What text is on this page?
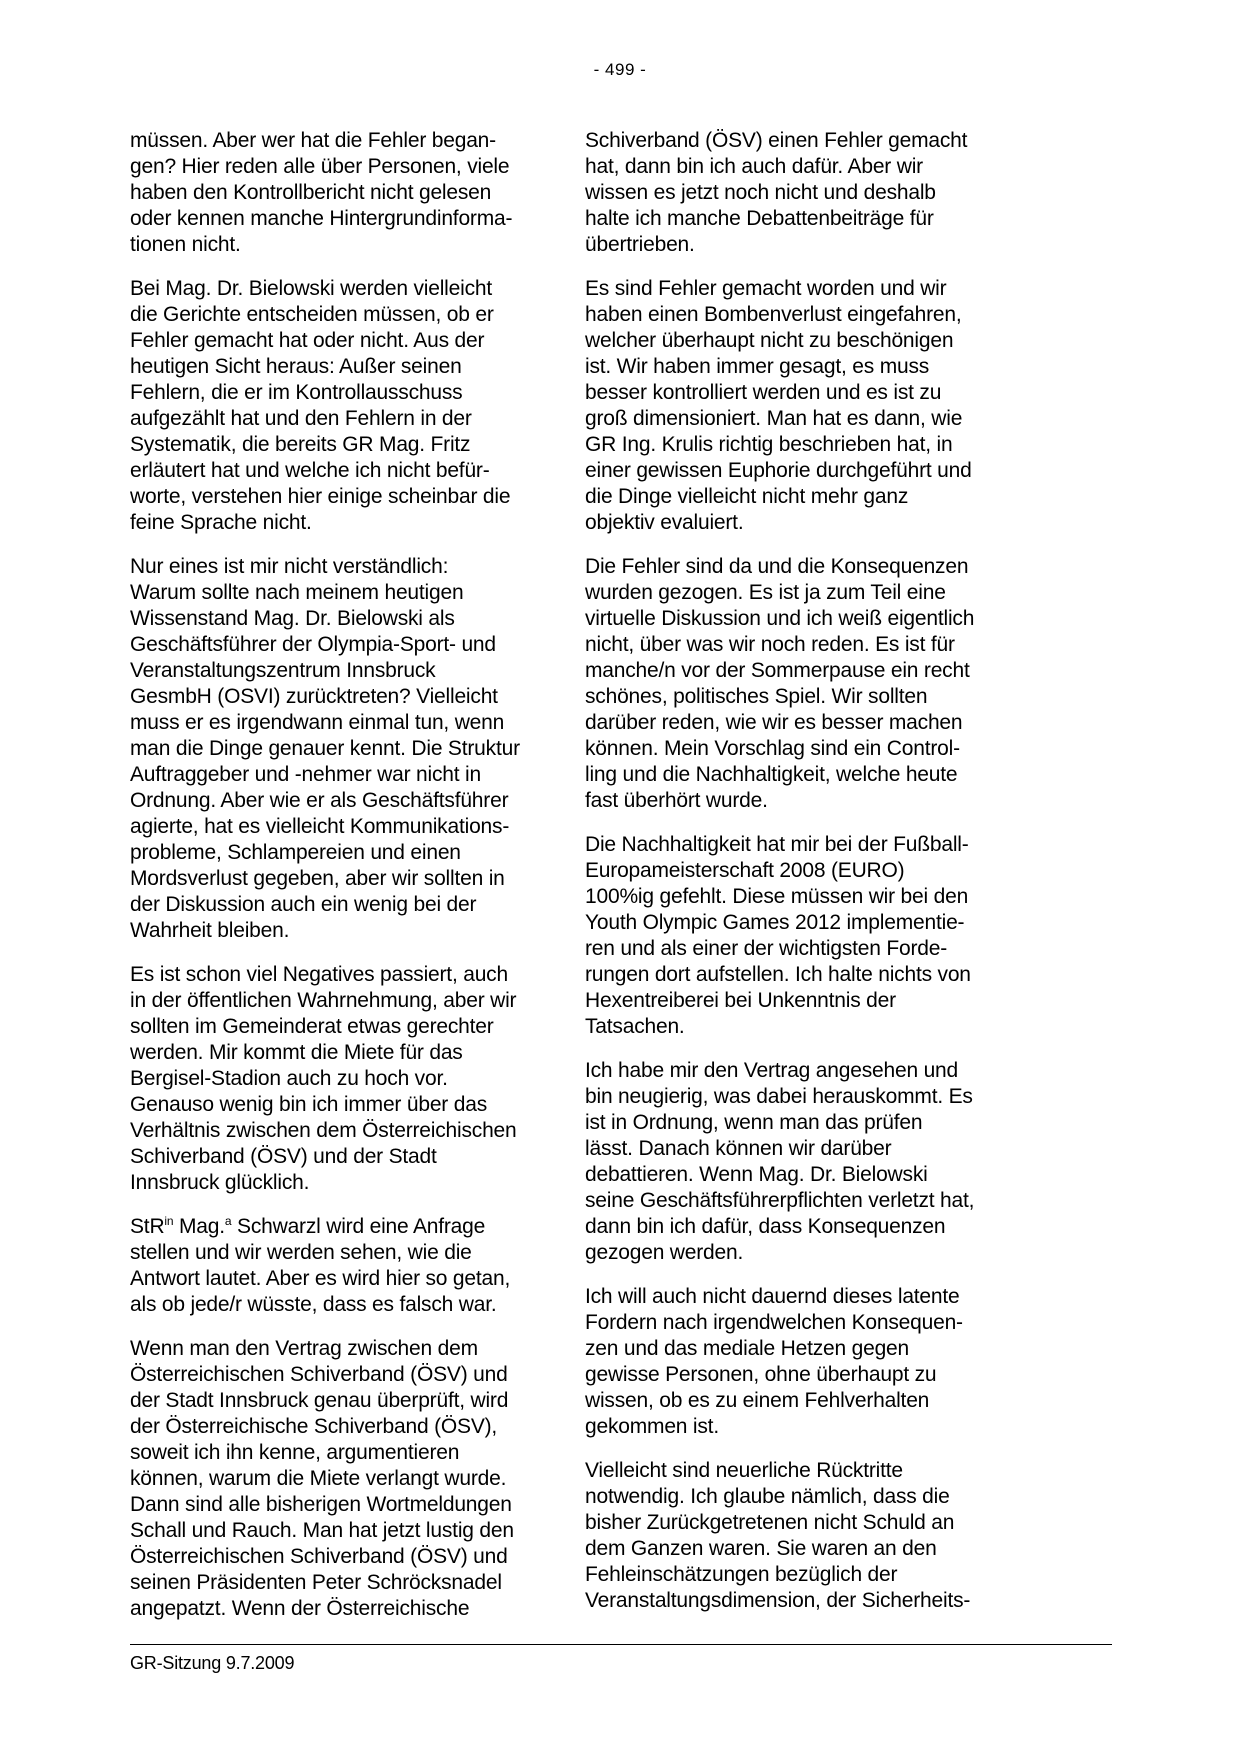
- 499 -

müssen. Aber wer hat die Fehler began-
gen? Hier reden alle über Personen, viele
haben den Kontrollbericht nicht gelesen
oder kennen manche Hintergrundinforma-
tionen nicht.

Bei Mag. Dr. Bielowski werden vielleicht
die Gerichte entscheiden müssen, ob er
Fehler gemacht hat oder nicht. Aus der
heutigen Sicht heraus: Außer seinen
Fehlern, die er im Kontrollausschuss
aufgezählt hat und den Fehlern in der
Systematik, die bereits GR Mag. Fritz
erläutert hat und welche ich nicht befür-
worte, verstehen hier einige scheinbar die
feine Sprache nicht.

Nur eines ist mir nicht verständlich:
Warum sollte nach meinem heutigen
Wissenstand Mag. Dr. Bielowski als
Geschäftsführer der Olympia-Sport- und
Veranstaltungszentrum Innsbruck
GesmbH (OSVI) zurücktreten? Vielleicht
muss er es irgendwann einmal tun, wenn
man die Dinge genauer kennt. Die Struktur
Auftraggeber und -nehmer war nicht in
Ordnung. Aber wie er als Geschäftsführer
agierte, hat es vielleicht Kommunikations-
probleme, Schlampereien und einen
Mordsverlust gegeben, aber wir sollten in
der Diskussion auch ein wenig bei der
Wahrheit bleiben.

Es ist schon viel Negatives passiert, auch
in der öffentlichen Wahrnehmung, aber wir
sollten im Gemeinderat etwas gerechter
werden. Mir kommt die Miete für das
Bergisel-Stadion auch zu hoch vor.
Genauso wenig bin ich immer über das
Verhältnis zwischen dem Österreichischen
Schiverband (ÖSV) und der Stadt
Innsbruck glücklich.

StR$^{in}$ Mag.$^a$ Schwarzl wird eine Anfrage
stellen und wir werden sehen, wie die
Antwort lautet. Aber es wird hier so getan,
als ob jede/r wüsste, dass es falsch war.

Wenn man den Vertrag zwischen dem
Österreichischen Schiverband (ÖSV) und
der Stadt Innsbruck genau überprüft, wird
der Österreichische Schiverband (ÖSV),
soweit ich ihn kenne, argumentieren
können, warum die Miete verlangt wurde.
Dann sind alle bisherigen Wortmeldungen
Schall und Rauch. Man hat jetzt lustig den
Österreichischen Schiverband (ÖSV) und
seinen Präsidenten Peter Schröcksnadel
angepatzt. Wenn der Österreichische

Schiverband (ÖSV) einen Fehler gemacht
hat, dann bin ich auch dafür. Aber wir
wissen es jetzt noch nicht und deshalb
halte ich manche Debattenbeiträge für
übertrieben.

Es sind Fehler gemacht worden und wir
haben einen Bombenverlust eingefahren,
welcher überhaupt nicht zu beschönigen
ist. Wir haben immer gesagt, es muss
besser kontrolliert werden und es ist zu
groß dimensioniert. Man hat es dann, wie
GR Ing. Krulis richtig beschrieben hat, in
einer gewissen Euphorie durchgeführt und
die Dinge vielleicht nicht mehr ganz
objektiv evaluiert.

Die Fehler sind da und die Konsequenzen
wurden gezogen. Es ist ja zum Teil eine
virtuelle Diskussion und ich weiß eigentlich
nicht, über was wir noch reden. Es ist für
manche/n vor der Sommerpause ein recht
schönes, politisches Spiel. Wir sollten
darüber reden, wie wir es besser machen
können. Mein Vorschlag sind ein Control-
ling und die Nachhaltigkeit, welche heute
fast überhört wurde.

Die Nachhaltigkeit hat mir bei der Fußball-
Europameisterschaft 2008 (EURO)
100%ig gefehlt. Diese müssen wir bei den
Youth Olympic Games 2012 implementie-
ren und als einer der wichtigsten Forde-
rungen dort aufstellen. Ich halte nichts von
Hexentreiberei bei Unkenntnis der
Tatsachen.

Ich habe mir den Vertrag angesehen und
bin neugierig, was dabei herauskommt. Es
ist in Ordnung, wenn man das prüfen
lässt. Danach können wir darüber
debattieren. Wenn Mag. Dr. Bielowski
seine Geschäftsführerpflichten verletzt hat,
dann bin ich dafür, dass Konsequenzen
gezogen werden.

Ich will auch nicht dauernd dieses latente
Fordern nach irgendwelchen Konsequen-
zen und das mediale Hetzen gegen
gewisse Personen, ohne überhaupt zu
wissen, ob es zu einem Fehlverhalten
gekommen ist.

Vielleicht sind neuerliche Rücktritte
notwendig. Ich glaube nämlich, dass die
bisher Zurückgetretenen nicht Schuld an
dem Ganzen waren. Sie waren an den
Fehleinschätzungen bezüglich der
Veranstaltungsdimension, der Sicherheits-

GR-Sitzung 9.7.2009
